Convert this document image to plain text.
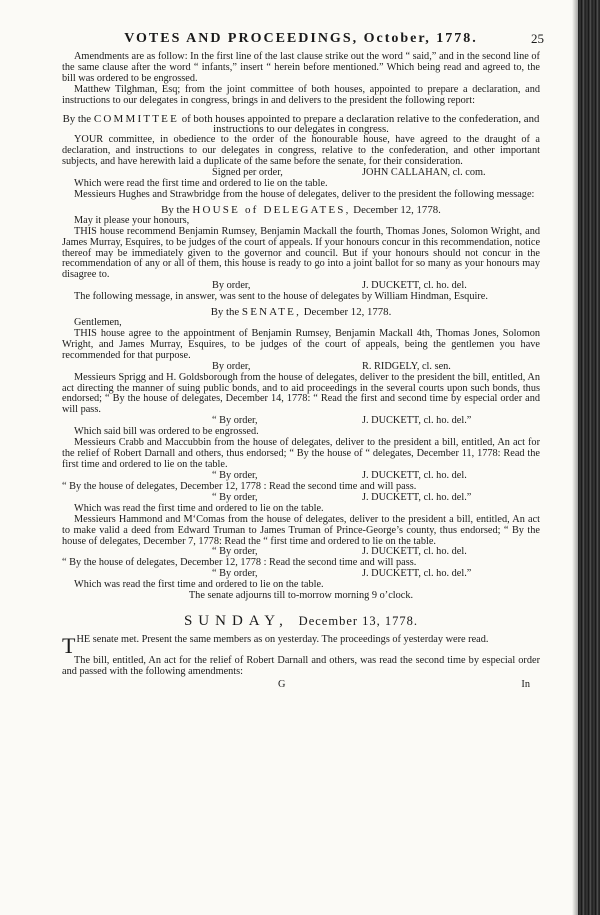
VOTES AND PROCEEDINGS, October, 1778.	25

Amendments are as follow: In the first line of the last clause strike out the word “ said,” and in the second line of the same clause after the word “ infants,” insert “ herein before mentioned.” Which being read and agreed to, the bill was ordered to be engrossed.

Matthew Tilghman, Esq; from the joint committee of both houses, appointed to prepare a declaration, and instructions to our delegates in congress, brings in and delivers to the president the following report:

By the COMMITTEE of both houses appointed to prepare a declaration relative to the confederation, and instructions to our delegates in congress.

YOUR committee, in obedience to the order of the honourable house, have agreed to the draught of a declaration, and instructions to our delegates in congress, relative to the confederation, and other important subjects, and have herewith laid a duplicate of the same before the senate, for their consideration.

Signed per order,	JOHN CALLAHAN, cl. com.

Which were read the first time and ordered to lie on the table.

Messieurs Hughes and Strawbridge from the house of delegates, deliver to the president the following message:

By the HOUSE of DELEGATES, December 12, 1778.

May it please your honours,

THIS house recommend Benjamin Rumsey, Benjamin Mackall the fourth, Thomas Jones, Solomon Wright, and James Murray, Esquires, to be judges of the court of appeals. If your honours concur in this recommendation, notice thereof may be immediately given to the governor and council. But if your honours should not concur in the recommendation of any or all of them, this house is ready to go into a joint ballot for so many as your honours may disagree to.

By order,	J. DUCKETT, cl. ho. del.

The following message, in answer, was sent to the house of delegates by William Hindman, Esquire.

By the SENATE, December 12, 1778.

Gentlemen,

THIS house agree to the appointment of Benjamin Rumsey, Benjamin Mackall 4th, Thomas Jones, Solomon Wright, and James Murray, Esquires, to be judges of the court of appeals, being the gentlemen you have recommended for that purpose.

By order,	R. RIDGELY, cl. sen.

Messieurs Sprigg and H. Goldsborough from the house of delegates, deliver to the president the bill, entitled, An act directing the manner of suing public bonds, and to aid proceedings in the several courts upon such bonds, thus endorsed; “ By the house of delegates, December 14, 1778: “ Read the first and second time by especial order and will pass.

“ By order,	J. DUCKETT, cl. ho. del.”

Which said bill was ordered to be engrossed.

Messieurs Crabb and Maccubbin from the house of delegates, deliver to the president a bill, entitled, An act for the relief of Robert Darnall and others, thus endorsed; “ By the house of “ delegates, December 11, 1778: Read the first time and ordered to lie on the table.

“ By order,	J. DUCKETT, cl. ho. del.

“ By the house of delegates, December 12, 1778 : Read the second time and will pass.

“ By order,	J. DUCKETT, cl. ho. del.”

Which was read the first time and ordered to lie on the table.

Messieurs Hammond and M‘Comas from the house of delegates, deliver to the president a bill, entitled, An act to make valid a deed from Edward Truman to James Truman of Prince-George’s county, thus endorsed; “ By the house of delegates, December 7, 1778: Read the “ first time and ordered to lie on the table.

“ By order,	J. DUCKETT, cl. ho. del.

“ By the house of delegates, December 12, 1778 : Read the second time and will pass.

“ By order,	J. DUCKETT, cl. ho. del.”

Which was read the first time and ordered to lie on the table.

The senate adjourns till to-morrow morning 9 o’clock.

SUNDAY, December 13, 1778.

THE senate met. Present the same members as on yesterday. The proceedings of yesterday were read.

The bill, entitled, An act for the relief of Robert Darnall and others, was read the second time by especial order and passed with the following amendments:

G	In
